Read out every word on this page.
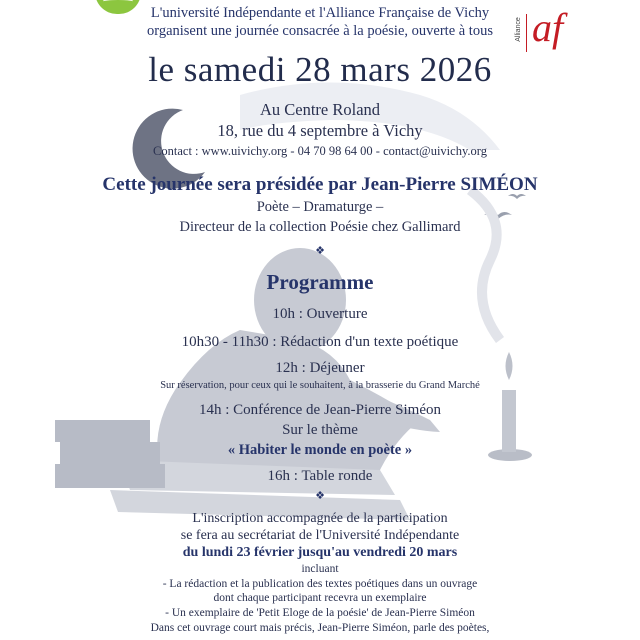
Alliance af
L'université Indépendante et l'Alliance Française de Vichy
organisent une journée consacrée à la poésie, ouverte à tous
le samedi 28 mars 2026
Au Centre Roland
18, rue du 4 septembre à Vichy
Contact : www.uivichy.org - 04 70 98 64 00 - contact@uivichy.org
Cette journée sera présidée par Jean-Pierre SIMÉON
Poète – Dramaturge –
Directeur de la collection Poésie chez Gallimard
❖
Programme
10h : Ouverture
10h30 - 11h30 : Rédaction d'un texte poétique
12h : Déjeuner
Sur réservation, pour ceux qui le souhaitent, à la brasserie du Grand Marché
14h : Conférence de Jean-Pierre Siméon
Sur le thème
« Habiter le monde en poète »
16h : Table ronde
❖
L'inscription accompagnée de la participation
se fera au secrétariat de l'Université Indépendante
du lundi 23 février jusqu'au vendredi 20 mars
incluant
- La rédaction et la publication des textes poétiques dans un ouvrage
dont chaque participant recevra un exemplaire
- Un exemplaire de 'Petit Eloge de la poésie' de Jean-Pierre Siméon
Dans cet ouvrage court mais précis, Jean-Pierre Siméon, parle des poètes,
